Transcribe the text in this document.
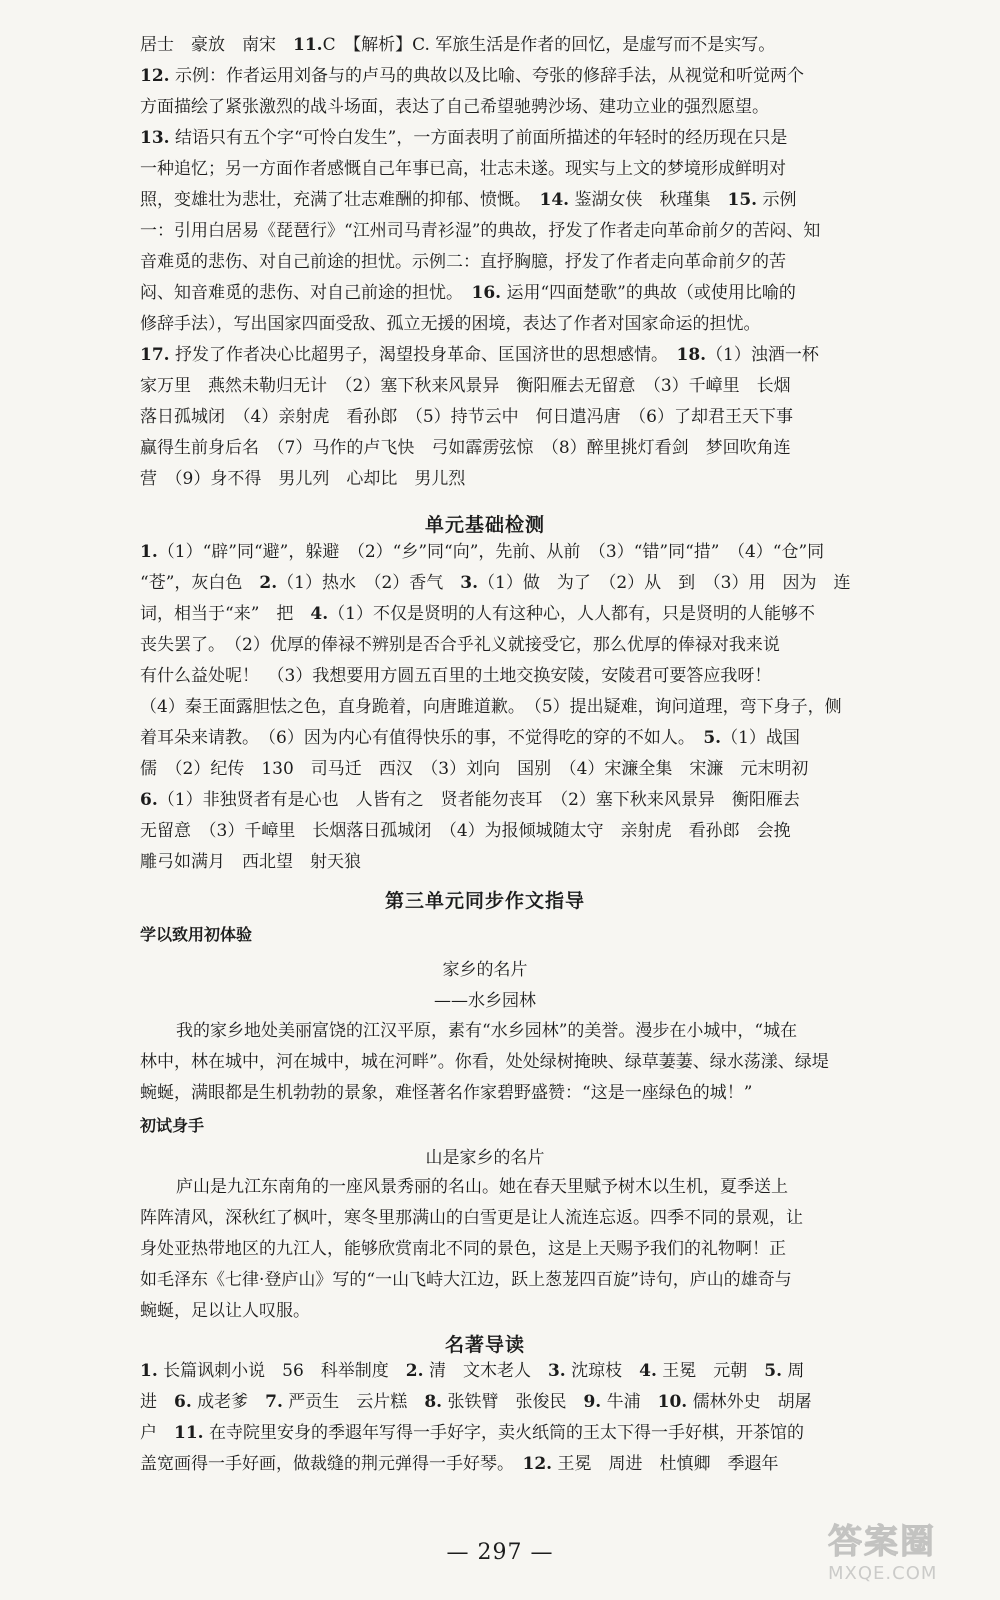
居士　豪放　南宋　11.C　【解析】C. 军旅生活是作者的回忆，是虚写而不是实写。
12. 示例：作者运用刘备与的卢马的典故以及比喻、夸张的修辞手法，从视觉和听觉两个
方面描绘了紧张激烈的战斗场面，表达了自己希望驰骋沙场、建功立业的强烈愿望。
13. 结语只有五个字“可怜白发生”，一方面表明了前面所描述的年轻时的经历现在只是
一种追忆；另一方面作者感慨自己年事已高，壮志未遂。现实与上文的梦境形成鲜明对
照，变雄壮为悲壮，充满了壮志难酬的抑郁、愤慨。　14. 鉴湖女侠　秋瑾集　15. 示例
一：引用白居易《琵琶行》“江州司马青衫湿”的典故，抒发了作者走向革命前夕的苦闷、知
音难觅的悲伤、对自己前途的担忧。示例二：直抒胸臆，抒发了作者走向革命前夕的苦
闷、知音难觅的悲伤、对自己前途的担忧。　16. 运用“四面楚歌”的典故（或使用比喻的
修辞手法），写出国家四面受敌、孤立无援的困境，表达了作者对国家命运的担忧。
17. 抒发了作者决心比超男子，渴望投身革命、匡国济世的思想感情。　18.（1）浊酒一杯
家万里　燕然未勒归无计　（2）塞下秋来风景异　衡阳雁去无留意　（3）千嶂里　长烟
落日孤城闭　（4）亲射虎　看孙郎　（5）持节云中　何日遣冯唐　（6）了却君王天下事
赢得生前身后名　（7）马作的卢飞快　弓如霹雳弦惊　（8）醉里挑灯看剑　梦回吹角连
营　（9）身不得　男儿列　心却比　男儿烈
单元基础检测
1.（1）“辟”同“避”，躲避　（2）“乡”同“向”，先前、从前　（3）“错”同“措”　（4）“仓”同
“苍”，灰白色　2.（1）热水　（2）香气　3.（1）做　为了　（2）从　到　（3）用　因为　连
词，相当于“来”　把　4.（1）不仅是贤明的人有这种心，人人都有，只是贤明的人能够不
丧失罢了。　（2）优厚的俸禄不辨别是否合乎礼义就接受它，那么优厚的俸禄对我来说
有什么益处呢！　（3）我想要用方圆五百里的土地交换安陵，安陵君可要答应我呀！
（4）秦王面露胆怯之色，直身跪着，向唐雎道歉。　（5）提出疑难，询问道理，弯下身子，侧
着耳朵来请教。　（6）因为内心有值得快乐的事，不觉得吃的穿的不如人。　5.（1）战国
儒　（2）纪传　130　司马迁　西汉　（3）刘向　国别　（4）宋濂全集　宋濂　元末明初
6.（1）非独贤者有是心也　人皆有之　贤者能勿丧耳　（2）塞下秋来风景异　衡阳雁去
无留意　（3）千嶂里　长烟落日孤城闭　（4）为报倾城随太守　亲射虎　看孙郎　会挽
雕弓如满月　西北望　射天狼
第三单元同步作文指导
学以致用初体验
家乡的名片
——水乡园林
我的家乡地处美丽富饶的江汉平原，素有“水乡园林”的美誉。漫步在小城中，“城在
林中，林在城中，河在城中，城在河畔”。你看，处处绿树掩映、绿草萋萋、绿水荡漾、绿堤
蜿蜒，满眼都是生机勃勃的景象，难怪著名作家碧野盛赞：“这是一座绿色的城！”
初试身手
山是家乡的名片
庐山是九江东南角的一座风景秀丽的名山。她在春天里赋予树木以生机，夏季送上
阵阵清风，深秋红了枫叶，寒冬里那满山的白雪更是让人流连忘返。四季不同的景观，让
身处亚热带地区的九江人，能够欣赏南北不同的景色，这是上天赐予我们的礼物啊！正
如毛泽东《七律·登庐山》写的“一山飞峙大江边，跃上葱茏四百旋”诗句，庐山的雄奇与
蜿蜒，足以让人叹服。
名著导读
1. 长篇讽刺小说　56　科举制度　2. 清　文木老人　3. 沈琼枝　4. 王冕　元朝　5. 周
进　6. 成老爹　7. 严贡生　云片糕　8. 张铁臂　张俊民　9. 牛浦　10. 儒林外史　胡屠
户　11. 在寺院里安身的季遐年写得一手好字，卖火纸筒的王太下得一手好棋，开茶馆的
盖宽画得一手好画，做裁缝的荆元弹得一手好琴。　12. 王冕　周进　杜慎卿　季遐年
— 297 —	答案圈
MXQE.COM
